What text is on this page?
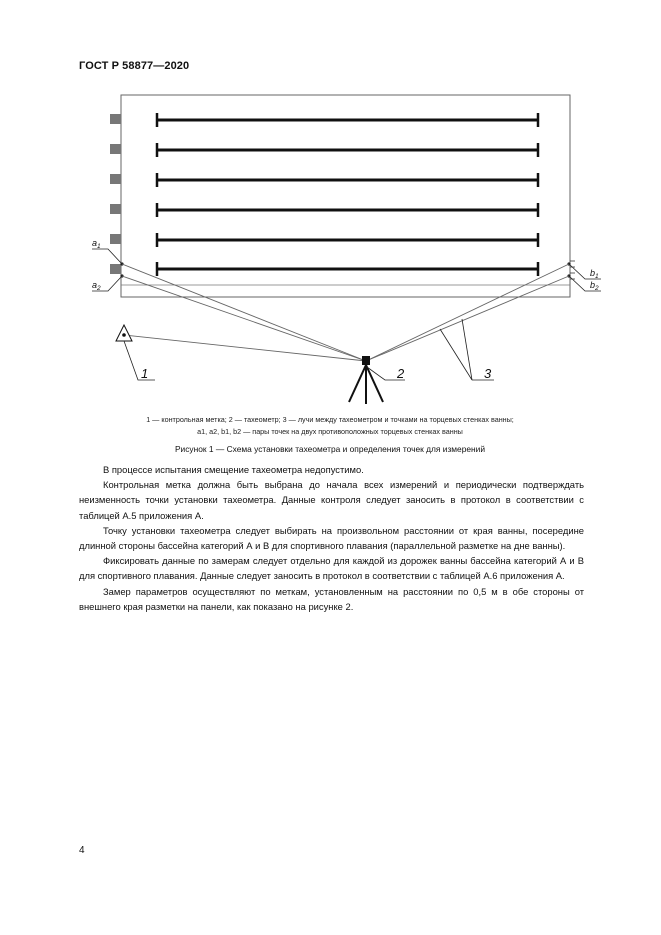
ГОСТ Р 58877—2020
$a_1$
$a_2$
$b_1$
$b_2$
1	2	3
1 — контрольная метка; 2 — тахеометр; 3 — лучи между тахеометром и точками на торцевых стенках ванны;
a1, a2, b1, b2 — пары точек на двух противоположных торцевых стенках ванны
Рисунок 1 — Схема установки тахеометра и определения точек для измерений

В процессе испытания смещение тахеометра недопустимо.

Контрольная метка должна быть выбрана до начала всех измерений и периодически подтверждать неизменность точки установки тахеометра. Данные контроля следует заносить в протокол в соответствии с таблицей А.5 приложения А.

Точку установки тахеометра следует выбирать на произвольном расстоянии от края ванны, посередине длинной стороны бассейна категорий А и В для спортивного плавания (параллельной разметке на дне ванны).

Фиксировать данные по замерам следует отдельно для каждой из дорожек ванны бассейна категорий А и В для спортивного плавания. Данные следует заносить в протокол в соответствии с таблицей А.6 приложения А.

Замер параметров осуществляют по меткам, установленным на расстоянии по 0,5 м в обе стороны от внешнего края разметки на панели, как показано на рисунке 2.

4
